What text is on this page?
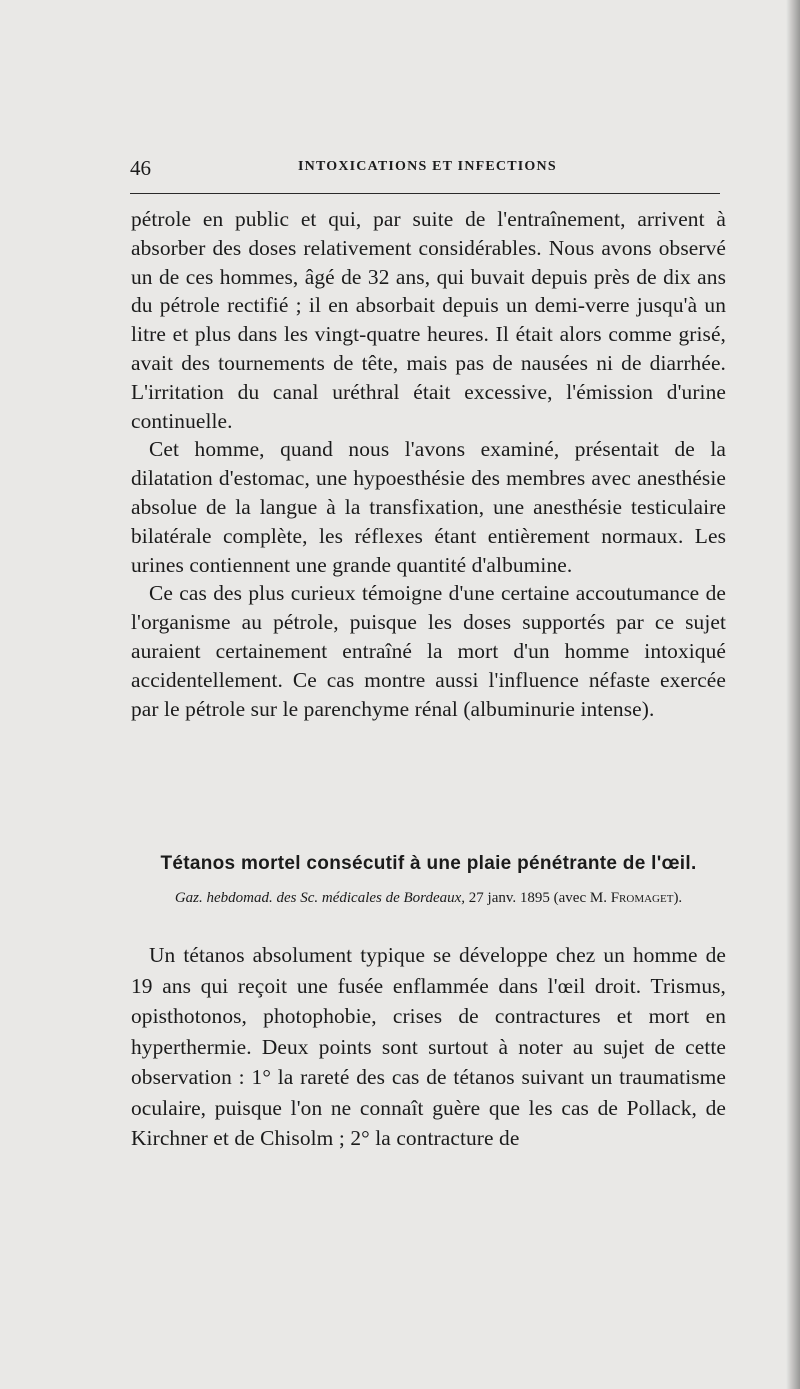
46	INTOXICATIONS ET INFECTIONS

pétrole en public et qui, par suite de l'entraînement, arrivent à absorber des doses relativement considérables. Nous avons observé un de ces hommes, âgé de 32 ans, qui buvait depuis près de dix ans du pétrole rectifié ; il en absorbait depuis un demi-verre jusqu'à un litre et plus dans les vingt-quatre heures. Il était alors comme grisé, avait des tournements de tête, mais pas de nausées ni de diarrhée. L'irritation du canal uréthral était excessive, l'émission d'urine continuelle.

Cet homme, quand nous l'avons examiné, présentait de la dilatation d'estomac, une hypoesthésie des membres avec anesthésie absolue de la langue à la transfixation, une anesthésie testiculaire bilatérale complète, les réflexes étant entièrement normaux. Les urines contiennent une grande quantité d'albumine.

Ce cas des plus curieux témoigne d'une certaine accoutumance de l'organisme au pétrole, puisque les doses supportés par ce sujet auraient certainement entraîné la mort d'un homme intoxiqué accidentellement. Ce cas montre aussi l'influence néfaste exercée par le pétrole sur le parenchyme rénal (albuminurie intense).

Tétanos mortel consécutif à une plaie pénétrante de l'œil.
Gaz. hebdomad. des Sc. médicales de Bordeaux, 27 janv. 1895 (avec M. Fromaget).

Un tétanos absolument typique se développe chez un homme de 19 ans qui reçoit une fusée enflammée dans l'œil droit. Trismus, opisthotonos, photophobie, crises de contractures et mort en hyperthermie. Deux points sont surtout à noter au sujet de cette observation : 1° la rareté des cas de tétanos suivant un traumatisme oculaire, puisque l'on ne connaît guère que les cas de Pollack, de Kirchner et de Chisolm ; 2° la contracture de
